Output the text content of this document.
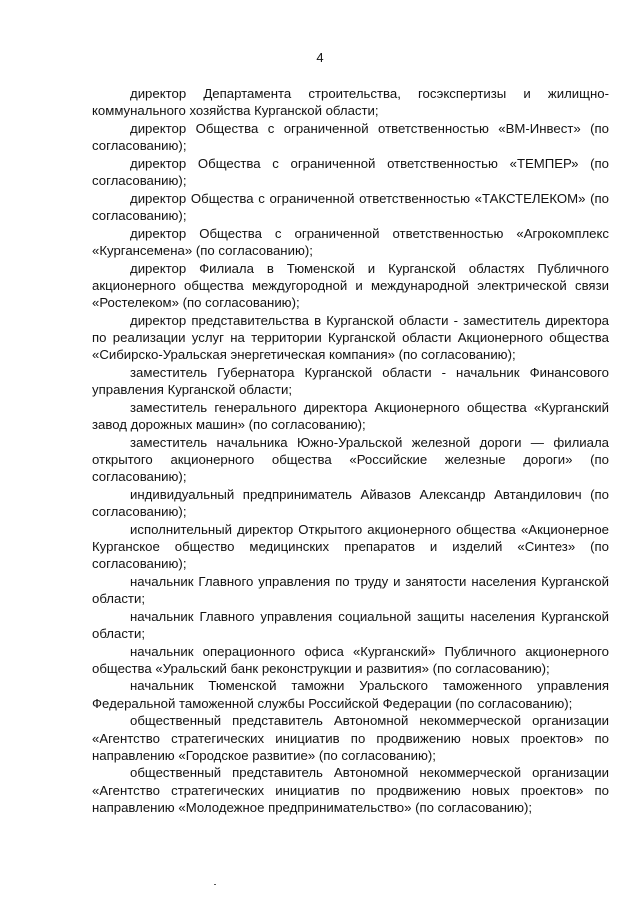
4

директор Департамента строительства, госэкспертизы и жилищно-коммунального хозяйства Курганской области;

директор Общества с ограниченной ответственностью «ВМ-Инвест» (по согласованию);

директор Общества с ограниченной ответственностью «ТЕМПЕР» (по согласованию);

директор Общества с ограниченной ответственностью «ТАКСТЕЛЕКОМ» (по согласованию);

директор Общества с ограниченной ответственностью «Агрокомплекс «Кургансемена» (по согласованию);

директор Филиала в Тюменской и Курганской областях Публичного акционерного общества междугородной и международной электрической связи «Ростелеком» (по согласованию);

директор представительства в Курганской области - заместитель директора по реализации услуг на территории Курганской области Акционерного общества «Сибирско-Уральская энергетическая компания» (по согласованию);

заместитель Губернатора Курганской области - начальник Финансового управления Курганской области;

заместитель генерального директора Акционерного общества «Курганский завод дорожных машин» (по согласованию);

заместитель начальника Южно-Уральской железной дороги — филиала открытого акционерного общества «Российские железные дороги» (по согласованию);

индивидуальный предприниматель Айвазов Александр Автандилович (по согласованию);

исполнительный директор Открытого акционерного общества «Акционерное Курганское общество медицинских препаратов и изделий «Синтез» (по согласованию);

начальник Главного управления по труду и занятости населения Курганской области;

начальник Главного управления социальной защиты населения Курганской области;

начальник операционного офиса «Курганский» Публичного акционерного общества «Уральский банк реконструкции и развития» (по согласованию);

начальник Тюменской таможни Уральского таможенного управления Федеральной таможенной службы Российской Федерации (по согласованию);

общественный представитель Автономной некоммерческой организации «Агентство стратегических инициатив по продвижению новых проектов» по направлению «Городское развитие» (по согласованию);

общественный представитель Автономной некоммерческой организации «Агентство стратегических инициатив по продвижению новых проектов» по направлению «Молодежное предпринимательство» (по согласованию);
